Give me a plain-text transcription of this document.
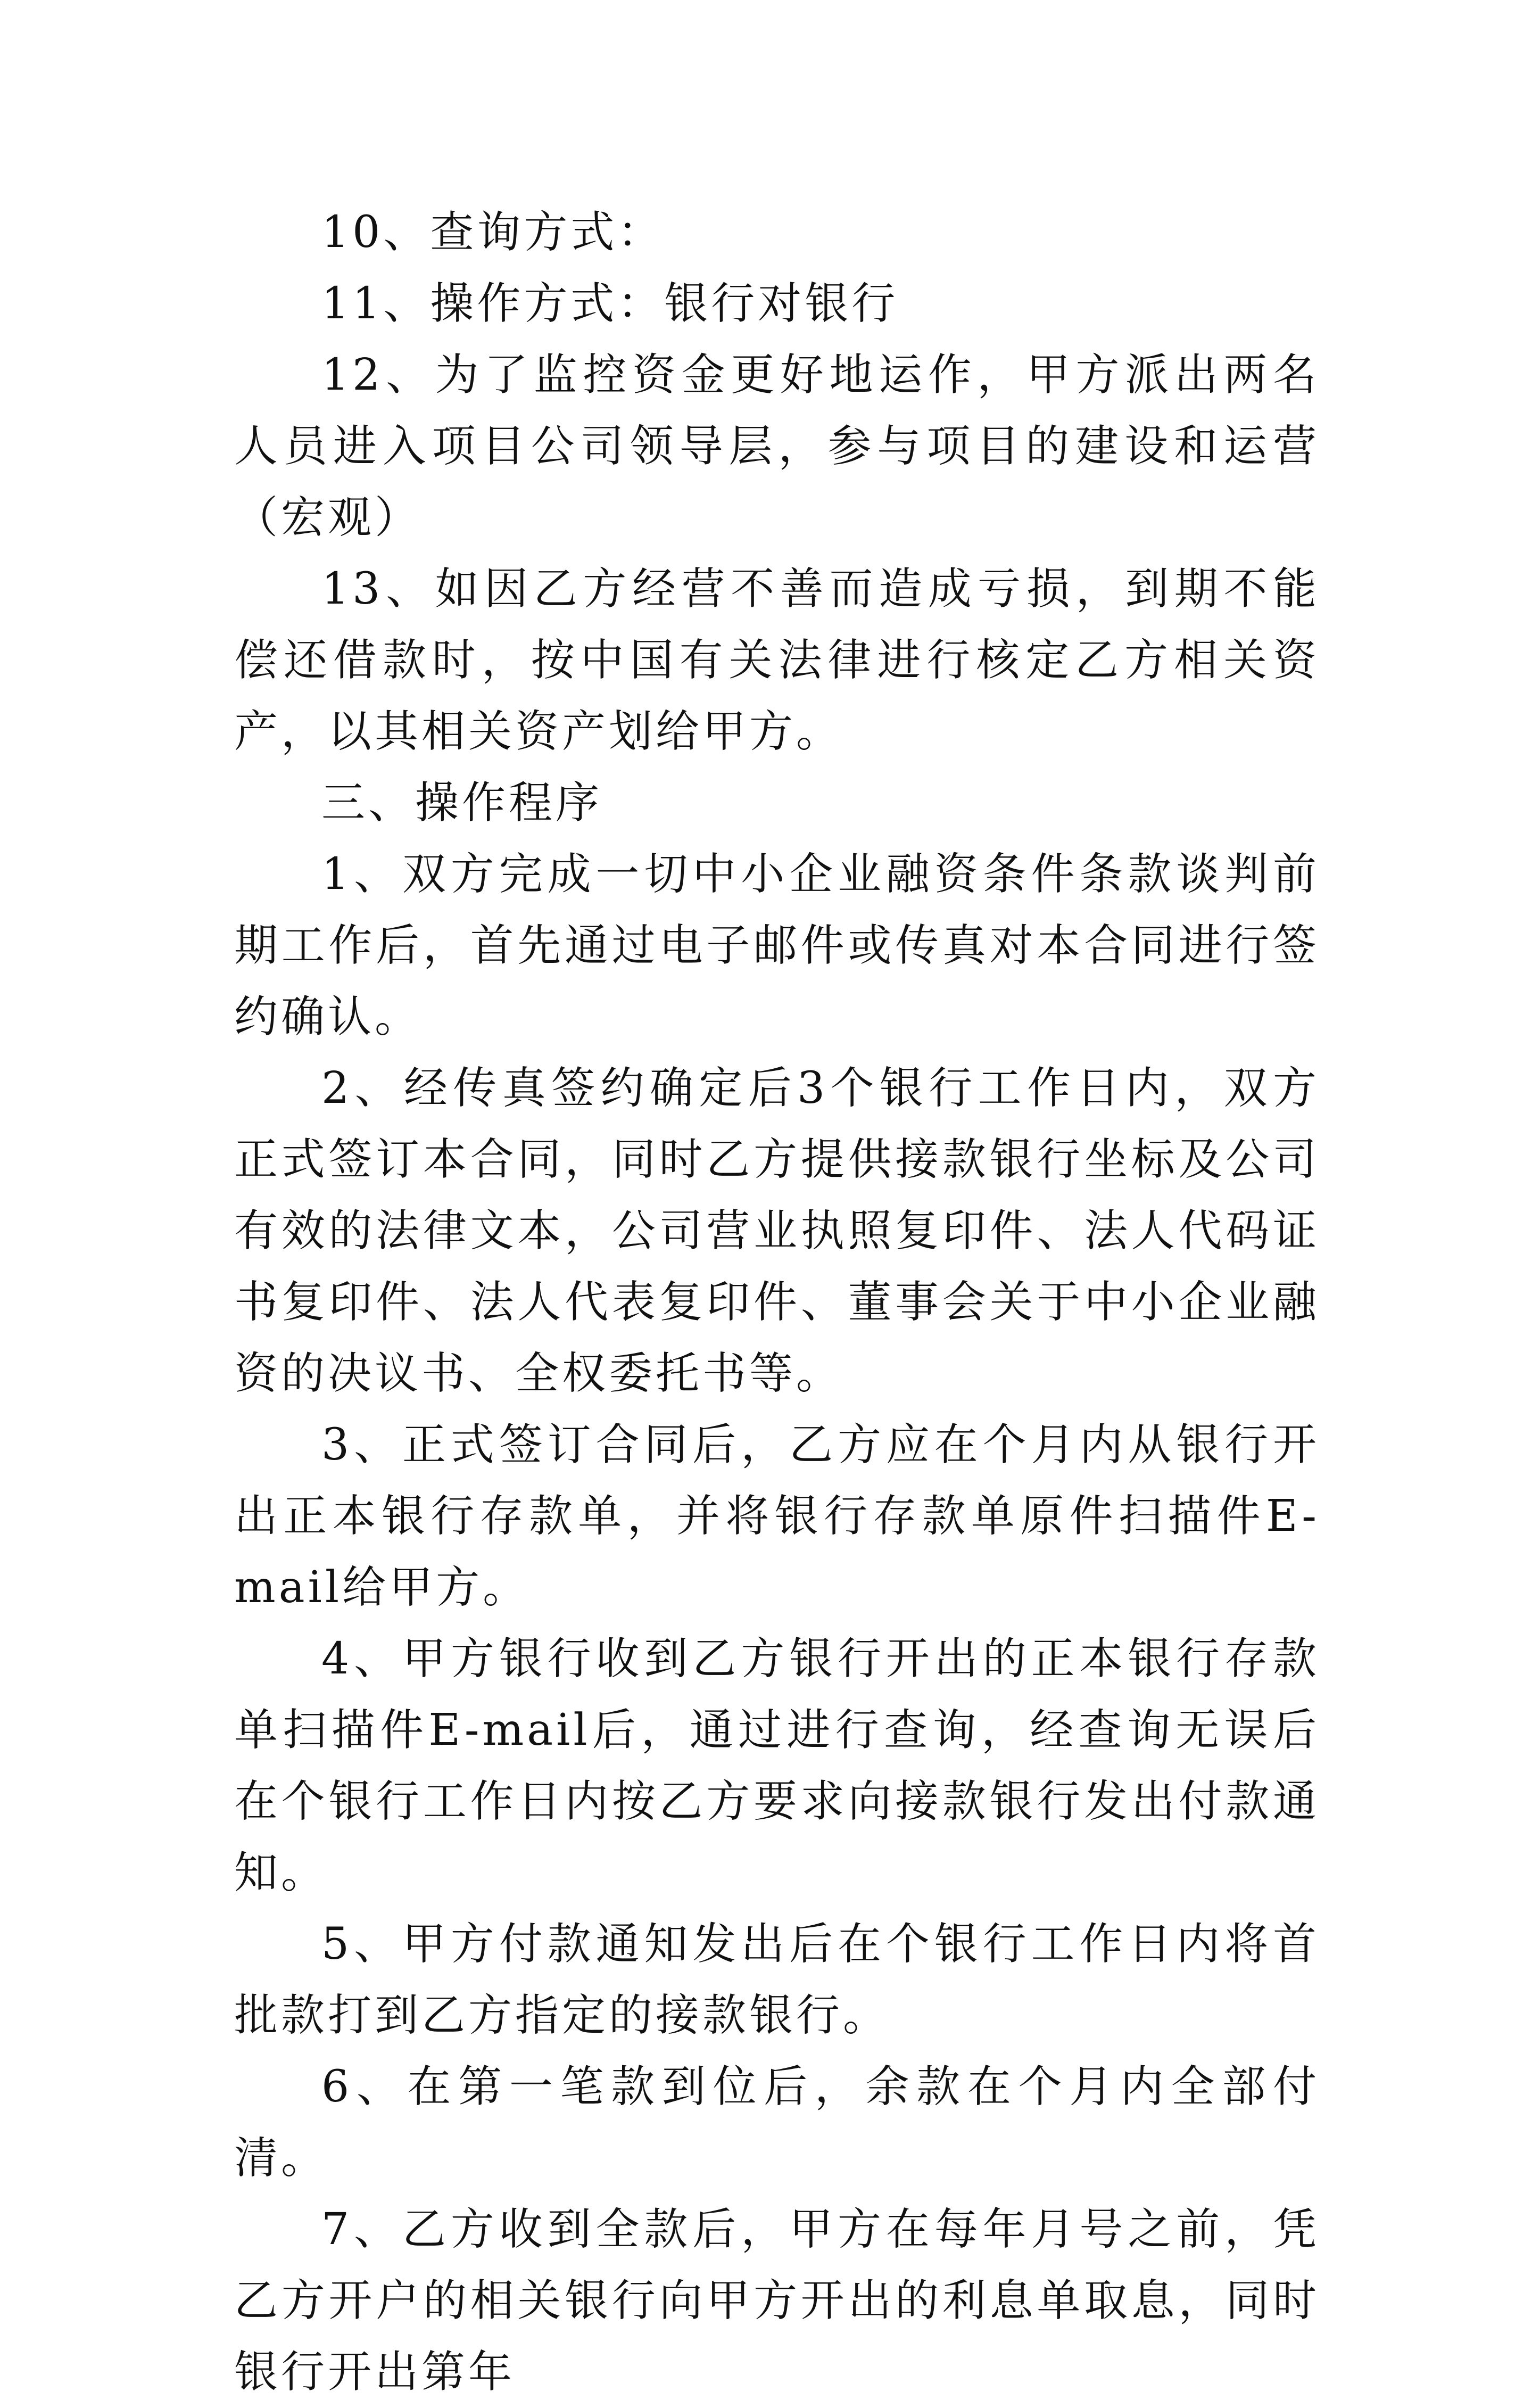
10、查询方式：

11、操作方式：银行对银行

12、为了监控资金更好地运作，甲方派出两名人员进入项目公司领导层，参与项目的建设和运营（宏观）

13、如因乙方经营不善而造成亏损，到期不能偿还借款时，按中国有关法律进行核定乙方相关资产，以其相关资产划给甲方。

三、操作程序

1、双方完成一切中小企业融资条件条款谈判前期工作后，首先通过电子邮件或传真对本合同进行签约确认。

2、经传真签约确定后3个银行工作日内，双方正式签订本合同，同时乙方提供接款银行坐标及公司有效的法律文本，公司营业执照复印件、法人代码证书复印件、法人代表复印件、董事会关于中小企业融资的决议书、全权委托书等。

3、正式签订合同后，乙方应在个月内从银行开出正本银行存款单，并将银行存款单原件扫描件E-mail给甲方。

4、甲方银行收到乙方银行开出的正本银行存款单扫描件E-mail后，通过进行查询，经查询无误后在个银行工作日内按乙方要求向接款银行发出付款通知。

5、甲方付款通知发出后在个银行工作日内将首批款打到乙方指定的接款银行。

6、在第一笔款到位后，余款在个月内全部付清。

7、乙方收到全款后，甲方在每年月号之前，凭乙方开户的相关银行向甲方开出的利息单取息，同时银行开出第年
